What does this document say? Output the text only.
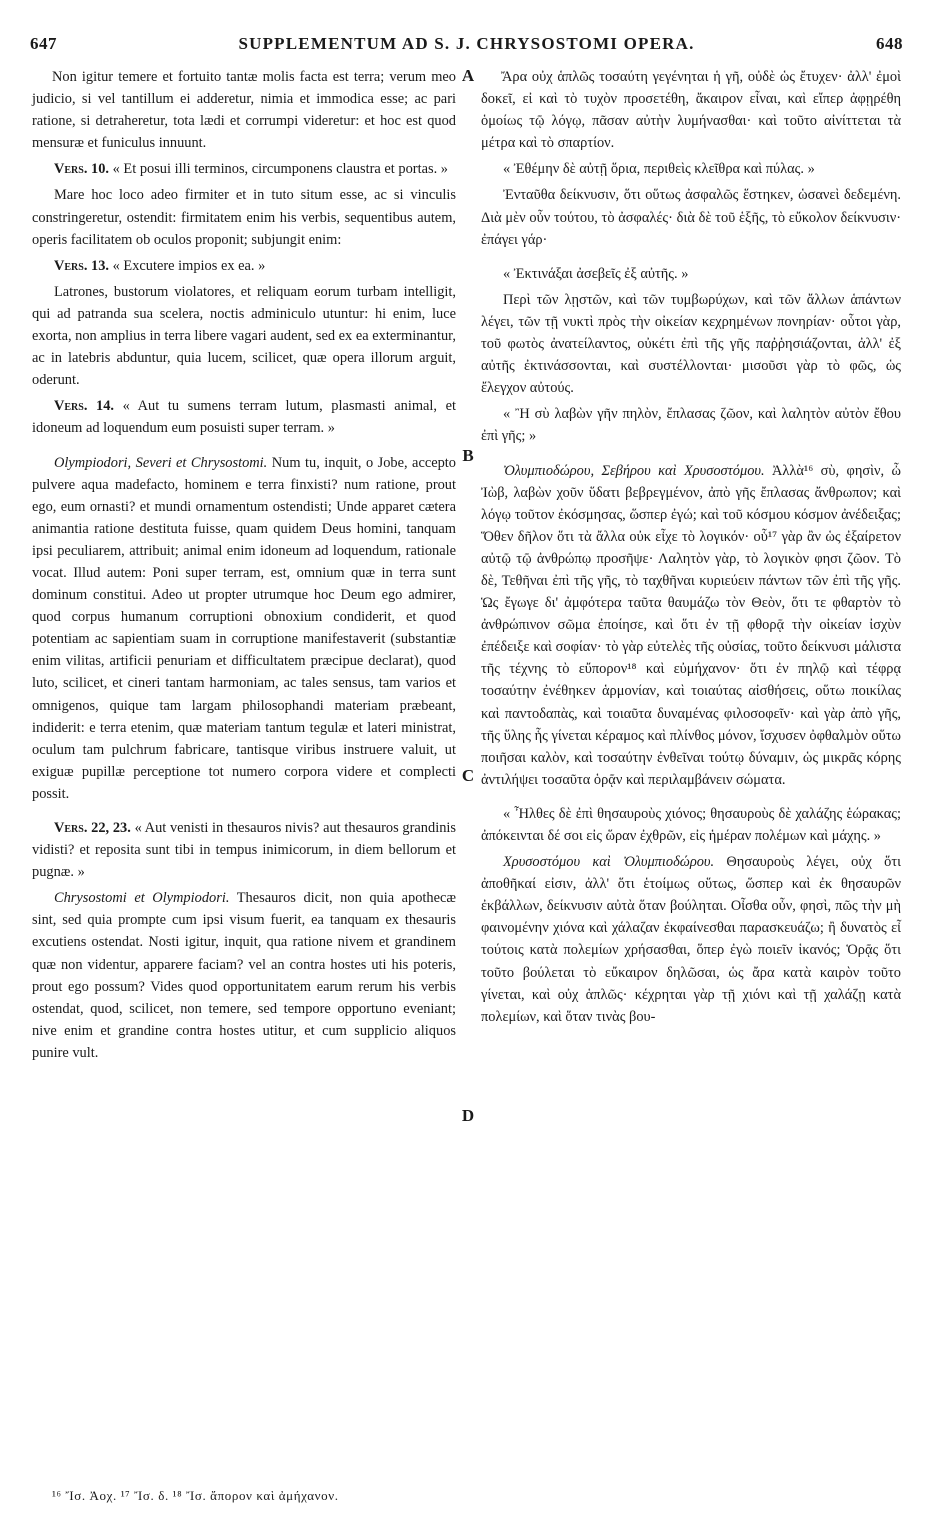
647	SUPPLEMENTUM AD S. J. CHRYSOSTOMI OPERA.	648

Non igitur temere et fortuito tantæ molis facta est terra; verum meo judicio, si vel tantillum ei adderetur, nimia et immodica esse; ac pari ratione, si detraheretur, tota lædi et corrumpi videretur: et hoc est quod mensuræ et funiculus innuunt.

Vers. 10. « Et posui illi terminos, circumponens claustra et portas. »

Mare hoc loco adeo firmiter et in tuto situm esse, ac si vinculis constringeretur, ostendit: firmitatem enim his verbis, sequentibus autem, operis facilitatem ob oculos proponit; subjungit enim:

Vers. 13. « Excutere impios ex ea. »

Latrones, bustorum violatores, et reliquam eorum turbam intelligit, qui ad patranda sua scelera, noctis adminiculo utuntur: hi enim, luce exorta, non amplius in terra libere vagari audent, sed ex ea exterminantur, ac in latebris abduntur, quia lucem, scilicet, quæ opera illorum arguit, oderunt.

Vers. 14. « Aut tu sumens terram lutum, plasmasti animal, et idoneum ad loquendum eum posuisti super terram. »

Olympiodori, Severi et Chrysostomi. Num tu, inquit, o Jobe, accepto pulvere aqua madefacto, hominem e terra finxisti? num ratione, prout ego, eum ornasti? et mundi ornamentum ostendisti; Unde apparet cætera animantia ratione destituta fuisse, quam quidem Deus homini, tanquam ipsi peculiarem, attribuit; animal enim idoneum ad loquendum, rationale vocat. Illud autem: Poni super terram, est, omnium quæ in terra sunt dominum constitui. Adeo ut propter utrumque hoc Deum ego admirer, quod corpus humanum corruptioni obnoxium condiderit, et quod potentiam ac sapientiam suam in corruptione manifestaverit (substantiæ enim vilitas, artificii penuriam et difficultatem præcipue declarat), quod luto, scilicet, et cineri tantam harmoniam, ac tales sensus, tam varios et omnigenos, quique tam largam philosophandi materiam præbeant, indiderit: e terra etenim, quæ materiam tantum tegulæ et lateri ministrat, oculum tam pulchrum fabricare, tantisque viribus instruere valuit, ut exiguæ pupillæ perceptione tot numero corpora videre et complecti possit.

Vers. 22, 23. « Aut venisti in thesauros nivis? aut thesauros grandinis vidisti? et reposita sunt tibi in tempus inimicorum, in diem bellorum et pugnæ. »

Chrysostomi et Olympiodori. Thesauros dicit, non quia apothecæ sint, sed quia prompte cum ipsi visum fuerit, ea tanquam ex thesauris excutiens ostendat. Nosti igitur, inquit, qua ratione nivem et grandinem quæ non videntur, apparere faciam? vel an contra hostes uti his poteris, prout ego possum? Vides quod opportunitatem earum rerum his verbis ostendat, quod, scilicet, non temere, sed tempore opportuno eveniant; nive enim et grandine contra hostes utitur, et cum supplicio aliquos punire vult.

A
B
C
D

Ἄρα οὐχ ἁπλῶς τοσαύτη γεγένηται ἡ γῆ, οὐδὲ ὡς ἔτυχεν· ἀλλ' ἐμοὶ δοκεῖ, εἰ καὶ τὸ τυχὸν προσετέθη, ἄκαιρον εἶναι, καὶ εἴπερ ἀφῃρέθη ὁμοίως τῷ λόγῳ, πᾶσαν αὐτὴν λυμήνασθαι· καὶ τοῦτο αἰνίττεται τὰ μέτρα καὶ τὸ σπαρτίον.

« Ἐθέμην δὲ αὐτῇ ὅρια, περιθεὶς κλεῖθρα καὶ πύλας. »

Ἐνταῦθα δείκνυσιν, ὅτι οὕτως ἀσφαλῶς ἕστηκεν, ὡσανεὶ δεδεμένη. Διὰ μὲν οὖν τούτου, τὸ ἀσφαλές· διὰ δὲ τοῦ ἑξῆς, τὸ εὔκολον δείκνυσιν· ἐπάγει γάρ·

« Ἐκτινάξαι ἀσεβεῖς ἐξ αὐτῆς. »

Περὶ τῶν λῃστῶν, καὶ τῶν τυμβωρύχων, καὶ τῶν ἄλλων ἁπάντων λέγει, τῶν τῇ νυκτὶ πρὸς τὴν οἰκείαν κεχρημένων πονηρίαν· οὗτοι γὰρ, τοῦ φωτὸς ἀνατείλαντος, οὐκέτι ἐπὶ τῆς γῆς παῤῥησιάζονται, ἀλλ' ἐξ αὐτῆς ἐκτινάσσονται, καὶ συστέλλονται· μισοῦσι γὰρ τὸ φῶς, ὡς ἔλεγχον αὐτούς.

« Ἢ σὺ λαβὼν γῆν πηλὸν, ἔπλασας ζῶον, καὶ λαλητὸν αὐτὸν ἔθου ἐπὶ γῆς; »

Ὀλυμπιοδώρου, Σεβήρου καὶ Χρυσοστόμου. Ἀλλὰ¹⁶ σὺ, φησὶν, ὦ Ἰὼβ, λαβὼν χοῦν ὕδατι βεβρεγμένον, ἀπὸ γῆς ἔπλασας ἄνθρωπον; καὶ λόγῳ τοῦτον ἐκόσμησας, ὥσπερ ἐγώ; καὶ τοῦ κόσμου κόσμον ἀνέδειξας; Ὅθεν δῆλον ὅτι τὰ ἄλλα οὐκ εἶχε τὸ λογικόν· οὗ¹⁷ γὰρ ἂν ὡς ἐξαίρετον αὐτῷ τῷ ἀνθρώπῳ προσῆψε· Λαλητὸν γὰρ, τὸ λογικὸν φησι ζῶον. Τὸ δὲ, Τεθῆναι ἐπὶ τῆς γῆς, τὸ ταχθῆναι κυριεύειν πάντων τῶν ἐπὶ τῆς γῆς. Ὡς ἔγωγε δι' ἀμφότερα ταῦτα θαυμάζω τὸν Θεὸν, ὅτι τε φθαρτὸν τὸ ἀνθρώπινον σῶμα ἐποίησε, καὶ ὅτι ἐν τῇ φθορᾷ τὴν οἰκείαν ἰσχὺν ἐπέδειξε καὶ σοφίαν· τὸ γὰρ εὐτελὲς τῆς οὐσίας, τοῦτο δείκνυσι μάλιστα τῆς τέχνης τὸ εὔπορον¹⁸ καὶ εὐμήχανον· ὅτι ἐν πηλῷ καὶ τέφρᾳ τοσαύτην ἐνέθηκεν ἁρμονίαν, καὶ τοιαύτας αἰσθήσεις, οὕτω ποικίλας καὶ παντοδαπὰς, καὶ τοιαῦτα δυναμένας φιλοσοφεῖν· καὶ γὰρ ἀπὸ γῆς, τῆς ὕλης ἧς γίνεται κέραμος καὶ πλίνθος μόνον, ἴσχυσεν ὀφθαλμὸν οὕτω ποιῆσαι καλὸν, καὶ τοσαύτην ἐνθεῖναι τούτῳ δύναμιν, ὡς μικρᾶς κόρης ἀντιλήψει τοσαῦτα ὁρᾷν καὶ περιλαμβάνειν σώματα.

« Ἦλθες δὲ ἐπὶ θησαυροὺς χιόνος; θησαυροὺς δὲ χαλάζης ἑώρακας; ἀπόκεινται δέ σοι εἰς ὥραν ἐχθρῶν, εἰς ἡμέραν πολέμων καὶ μάχης. »

Χρυσοστόμου καὶ Ὀλυμπιοδώρου. Θησαυροὺς λέγει, οὐχ ὅτι ἀποθῆκαί εἰσιν, ἀλλ' ὅτι ἑτοίμως οὕτως, ὥσπερ καὶ ἐκ θησαυρῶν ἐκβάλλων, δείκνυσιν αὐτὰ ὅταν βούληται. Οἶσθα οὖν, φησὶ, πῶς τὴν μὴ φαινομένην χιόνα καὶ χάλαζαν ἐκφαίνεσθαι παρασκευάζω; ἢ δυνατὸς εἶ τούτοις κατὰ πολεμίων χρήσασθαι, ὅπερ ἐγὼ ποιεῖν ἱκανός; Ὁρᾷς ὅτι τοῦτο βούλεται τὸ εὔκαιρον δηλῶσαι, ὡς ἄρα κατὰ καιρὸν τοῦτο γίνεται, καὶ οὐχ ἁπλῶς· κέχρηται γὰρ τῇ χιόνι καὶ τῇ χαλάζῃ κατὰ πολεμίων, καὶ ὅταν τινὰς βου-

¹⁶ Ἴσ. Ἀοχ. ¹⁷ Ἴσ. δ. ¹⁸ Ἴσ. ἄπορον καὶ ἀμήχανον.
